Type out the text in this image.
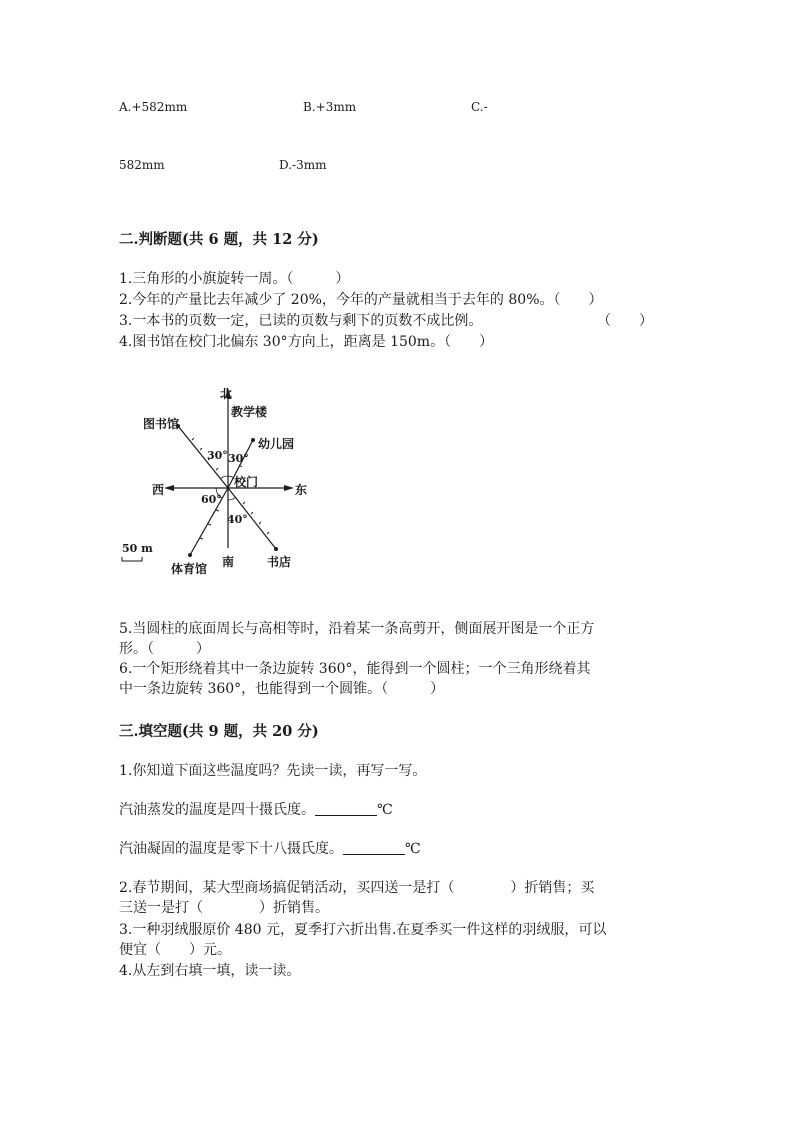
A.+582mm	B.+3mm	C.-
582mm	D.-3mm
二.判断题(共 6 题，共 12 分)
1.三角形的小旗旋转一周。（　　　）
2.今年的产量比去年减少了 20%，今年的产量就相当于去年的 80%。（　　）
3.一本书的页数一定，已读的页数与剩下的页数不成比例。	（　　）
4.图书馆在校门北偏东 30°方向上，距离是 150m。（　　）
北
教学楼
图书馆
幼儿园
30° 30°
校门
西	东
60°
40°
50 m
南	书店
体育馆
5.当圆柱的底面周长与高相等时，沿着某一条高剪开，侧面展开图是一个正方
形。（　　　）
6.一个矩形绕着其中一条边旋转 360°，能得到一个圆柱；一个三角形绕着其
中一条边旋转 360°，也能得到一个圆锥。（　　　）
三.填空题(共 9 题，共 20 分)
1.你知道下面这些温度吗？先读一读，再写一写。
汽油蒸发的温度是四十摄氏度。	℃
汽油凝固的温度是零下十八摄氏度。	℃
2.春节期间，某大型商场搞促销活动，买四送一是打（　　　　）折销售；买
三送一是打（　　　　）折销售。
3.一种羽绒服原价 480 元，夏季打六折出售.在夏季买一件这样的羽绒服，可以
便宜（　　）元。
4.从左到右填一填，读一读。
